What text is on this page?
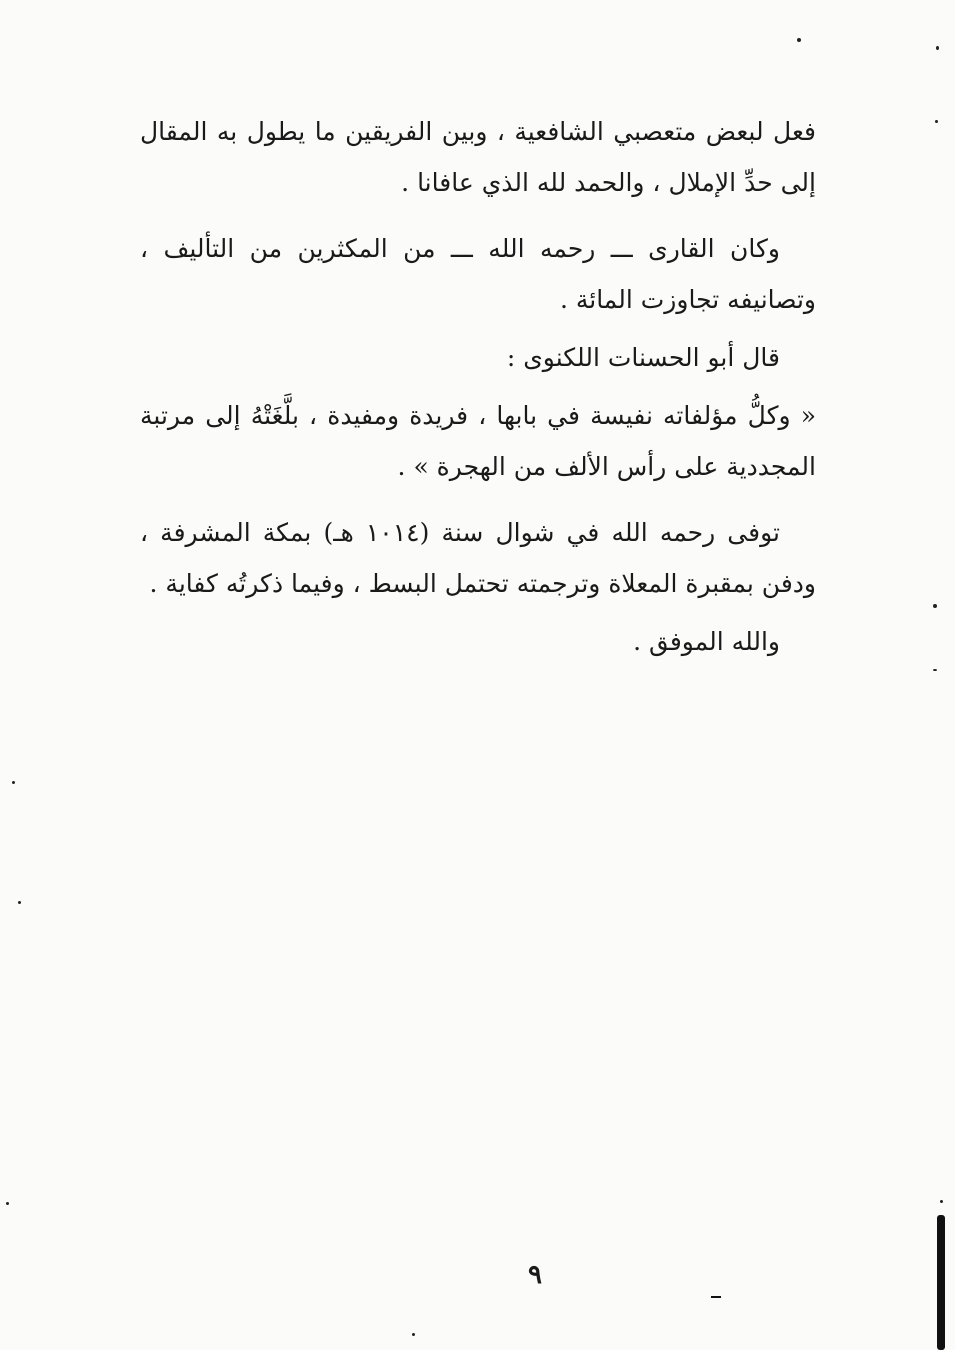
فعل لبعض متعصبي الشافعية ، وبين الفريقين ما يطول به المقال إلى حدِّ الإملال ، والحمد لله الذي عافانا .

وكان القارى ـــ رحمه الله ـــ من المكثرين من التأليف ، وتصانيفه تجاوزت المائة .

قال أبو الحسنات اللكنوى :

« وكلُّ مؤلفاته نفيسة في بابها ، فريدة ومفيدة ، بلَّغَتْهُ إلى مرتبة المجددية على رأس الألف من الهجرة » .

توفى رحمه الله في شوال سنة (١٠١٤ هـ) بمكة المشرفة ، ودفن بمقبرة المعلاة وترجمته تحتمل البسط ، وفيما ذكرتُه كفاية .

والله الموفق .

٩
